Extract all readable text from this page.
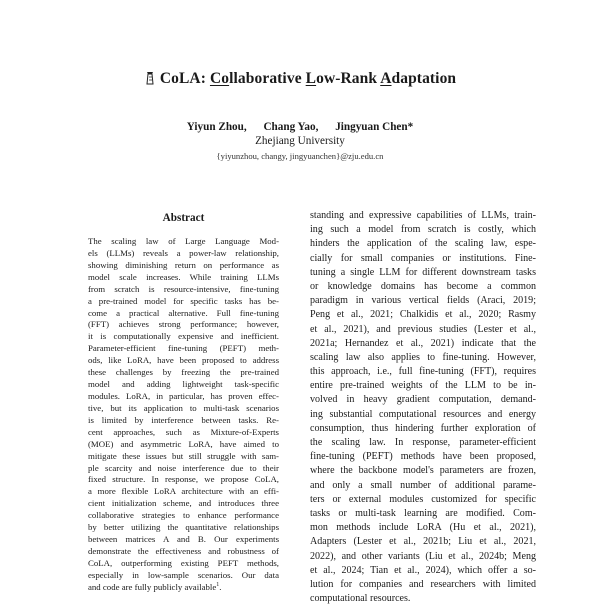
CoLA: Collaborative Low-Rank Adaptation
Yiyun Zhou, Chang Yao, Jingyuan Chen*
Zhejiang University
{yiyunzhou, changy, jingyuanchen}@zju.edu.cn
Abstract
The scaling law of Large Language Mod-
els (LLMs) reveals a power-law relationship,
showing diminishing return on performance as
model scale increases. While training LLMs
from scratch is resource-intensive, fine-tuning
a pre-trained model for specific tasks has be-
come a practical alternative. Full fine-tuning
(FFT) achieves strong performance; however,
it is computationally expensive and inefficient.
Parameter-efficient fine-tuning (PEFT) meth-
ods, like LoRA, have been proposed to address
these challenges by freezing the pre-trained
model and adding lightweight task-specific
modules. LoRA, in particular, has proven effec-
tive, but its application to multi-task scenarios
is limited by interference between tasks. Re-
cent approaches, such as Mixture-of-Experts
(MOE) and asymmetric LoRA, have aimed to
mitigate these issues but still struggle with sam-
ple scarcity and noise interference due to their
fixed structure. In response, we propose CoLA,
a more flexible LoRA architecture with an effi-
cient initialization scheme, and introduces three
collaborative strategies to enhance performance
by better utilizing the quantitative relationships
between matrices A and B. Our experiments
demonstrate the effectiveness and robustness of
CoLA, outperforming existing PEFT methods,
especially in low-sample scenarios. Our data
and code are fully publicly available$^1$.
standing and expressive capabilities of LLMs, train-
ing such a model from scratch is costly, which
hinders the application of the scaling law, espe-
cially for small companies or institutions. Fine-
tuning a single LLM for different downstream tasks
or knowledge domains has become a common
paradigm in various vertical fields (Araci, 2019;
Peng et al., 2021; Chalkidis et al., 2020; Rasmy
et al., 2021), and previous studies (Lester et al.,
2021a; Hernandez et al., 2021) indicate that the
scaling law also applies to fine-tuning. However,
this approach, i.e., full fine-tuning (FFT), requires
entire pre-trained weights of the LLM to be in-
volved in heavy gradient computation, demand-
ing substantial computational resources and energy
consumption, thus hindering further exploration of
the scaling law. In response, parameter-efficient
fine-tuning (PEFT) methods have been proposed,
where the backbone model's parameters are frozen,
and only a small number of additional parame-
ters or external modules customized for specific
tasks or multi-task learning are modified. Com-
mon methods include LoRA (Hu et al., 2021),
Adapters (Lester et al., 2021b; Liu et al., 2021,
2022), and other variants (Liu et al., 2024b; Meng
et al., 2024; Tian et al., 2024), which offer a so-
lution for companies and researchers with limited
computational resources.
